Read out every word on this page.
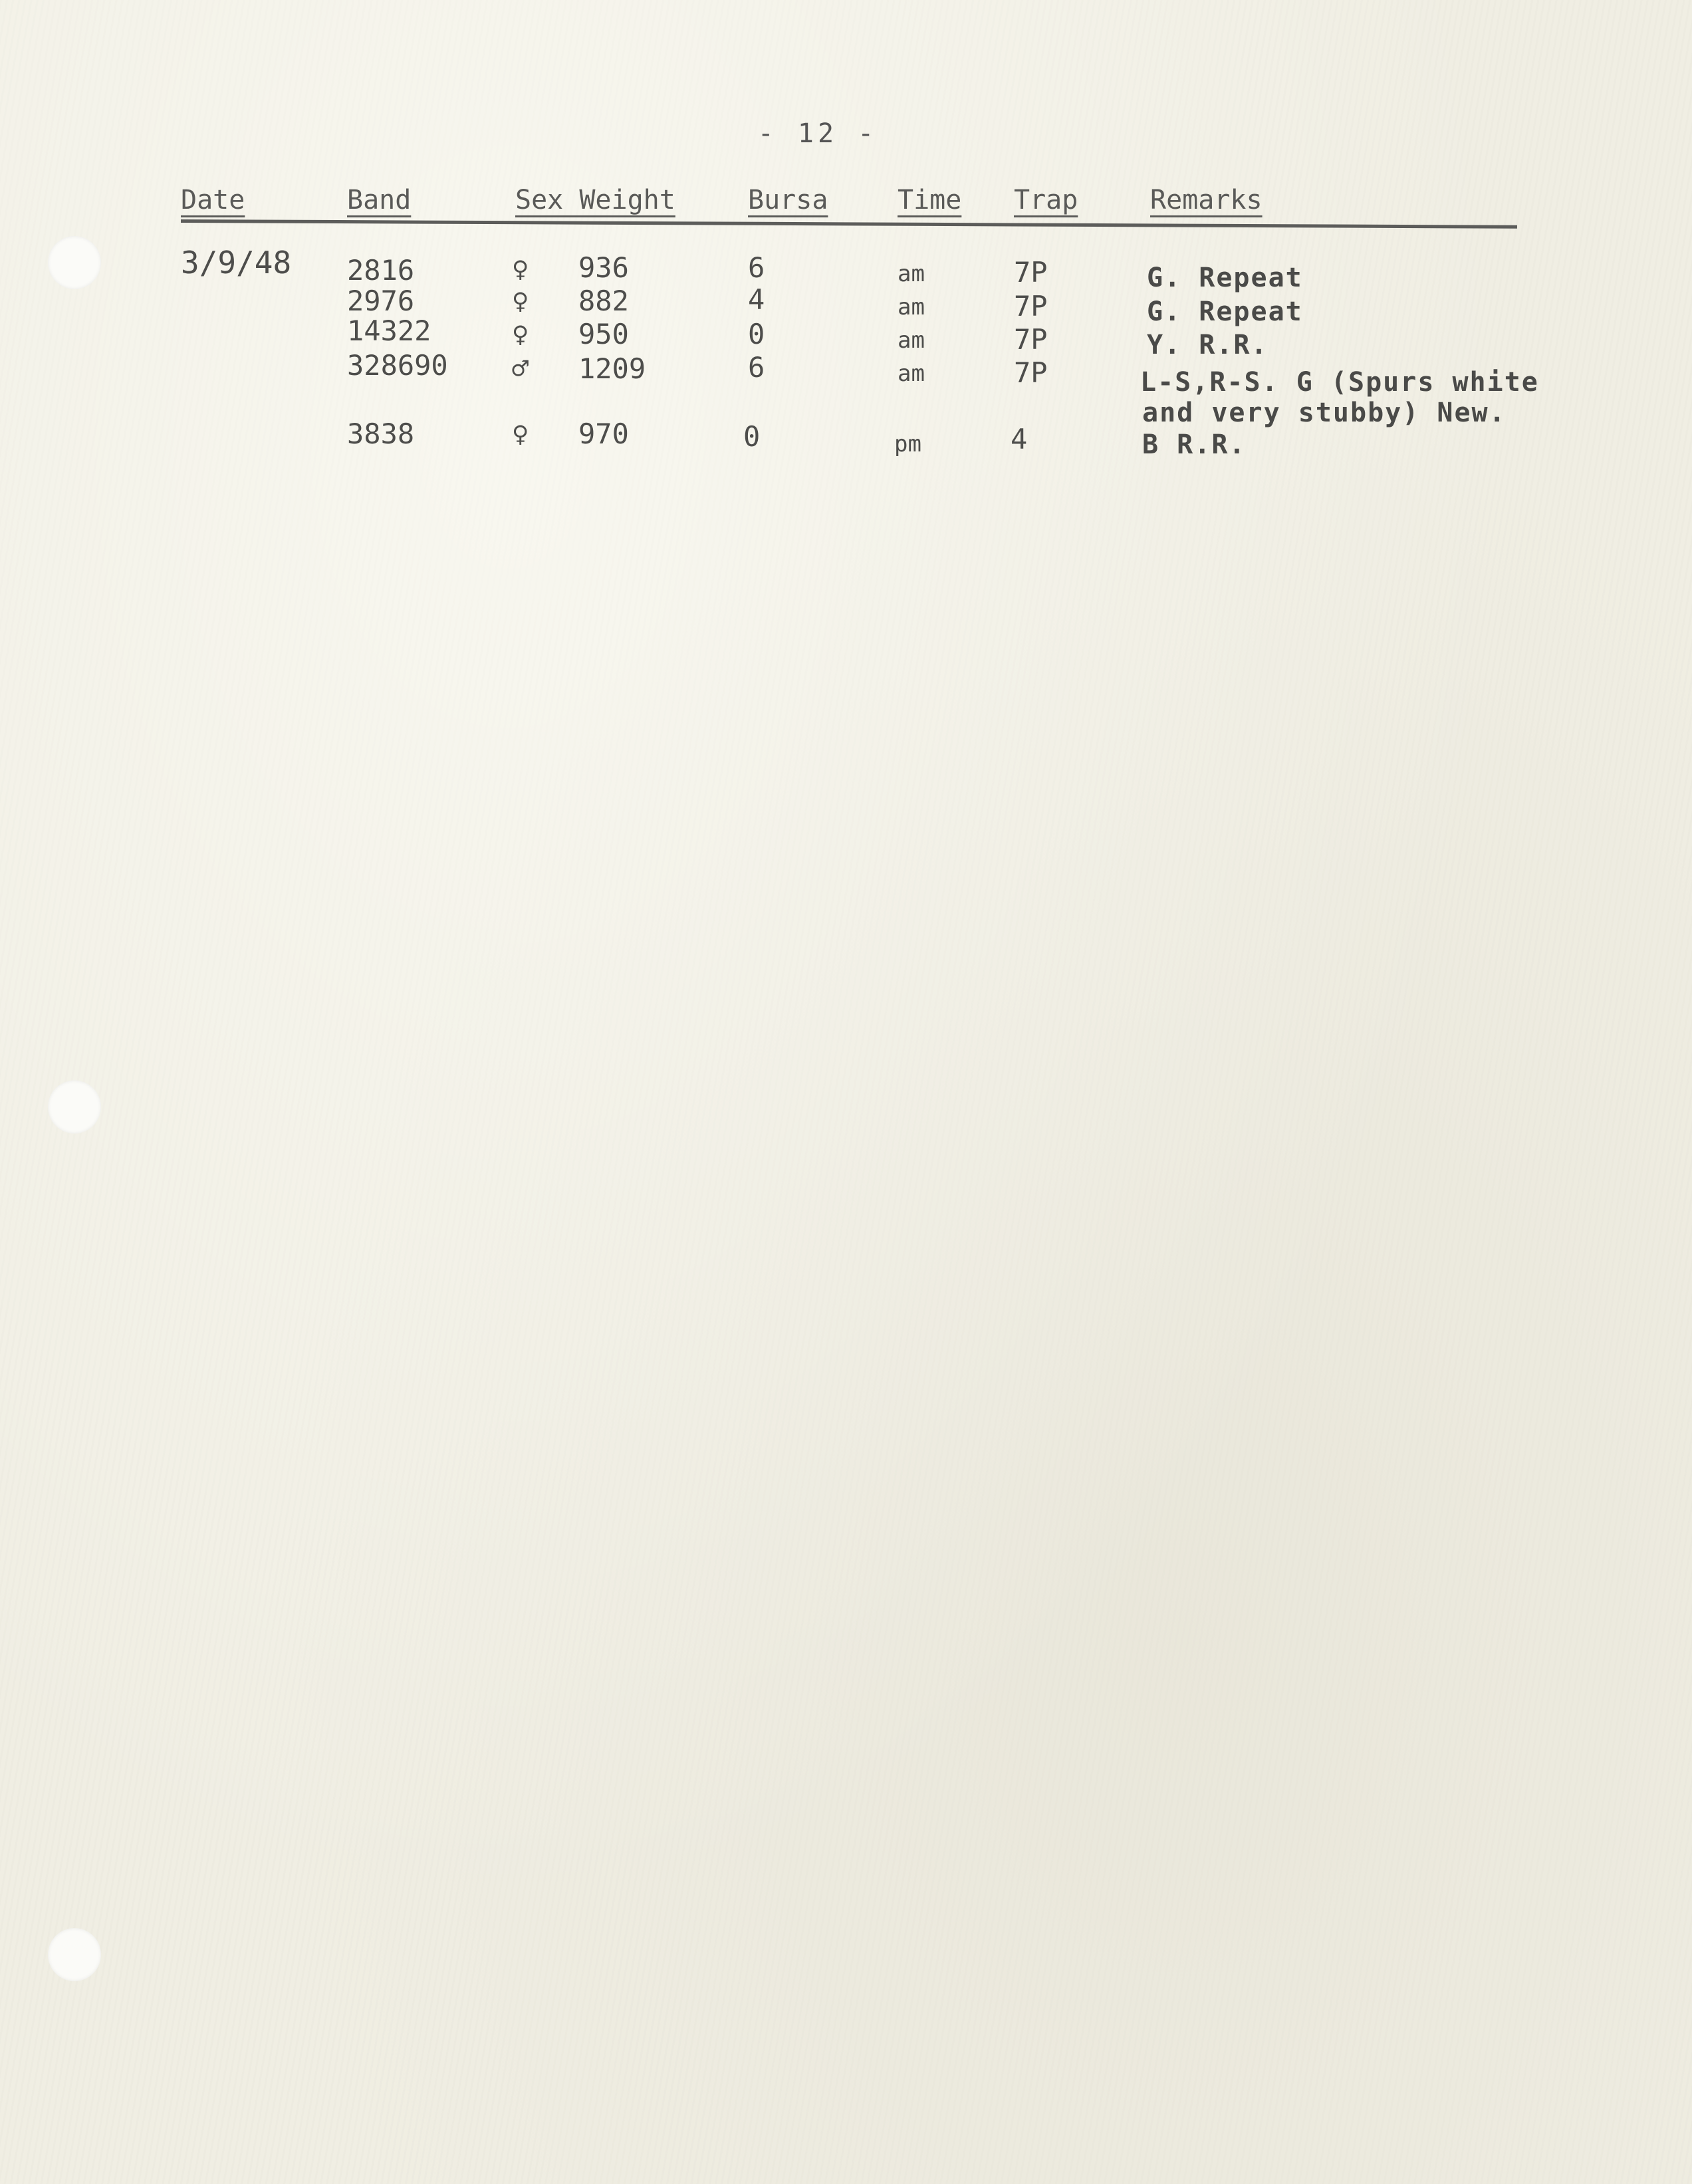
- 12 -
Date	Band	Sex Weight	Bursa	Time Trap	Remarks
3/9/48 2816	♀ 936	6	am	7P	G. Repeat
2976	♀ 882	4	am	7P	G. Repeat
14322	♀ 950	0	am	7P	Y. R.R.
328690 ♂ 1209	6	am	7P	L-S,R-S. G (Spurs white
and very stubby) New.
3838	♀ 970	0	pm	4	B R.R.
